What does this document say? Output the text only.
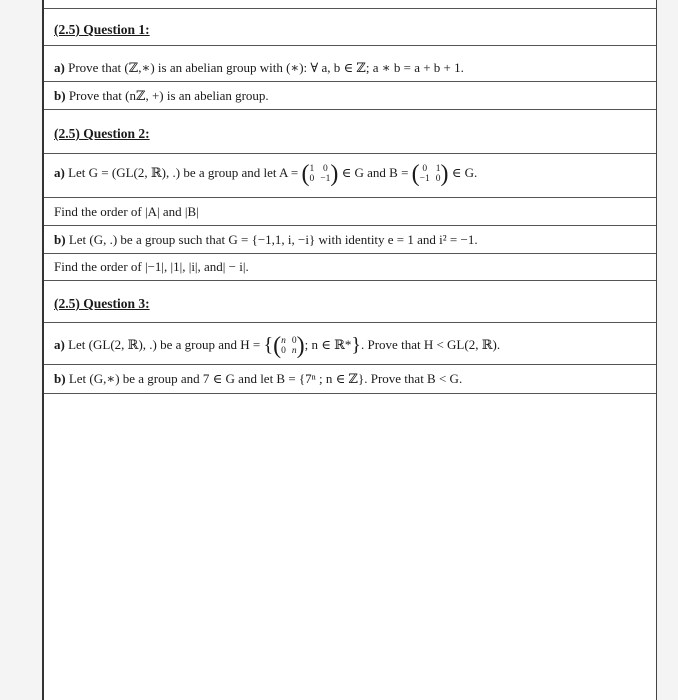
(2.5) Question 1:
a) Prove that (ℤ,∗) is an abelian group with (∗): ∀ a, b ∈ ℤ; a ∗ b = a + b + 1.
b) Prove that (nℤ, +) is an abelian group.
(2.5) Question 2:
a) Let G = (GL(2, ℝ), .) be a group and let A = ( 1 0
0 −1 ) ∈ G and B = ( 0 1
−1 0 ) ∈ G.
Find the order of |A| and |B|
b) Let (G, .) be a group such that G = {−1,1, i, −i} with identity e = 1 and i² = −1.
Find the order of |−1|, |1|, |i|, and| − i|.
(2.5) Question 3:
a) Let (GL(2, ℝ), .) be a group and H = {( n 0
0 n ); n ∈ ℝ*}. Prove that H < GL(2, ℝ).
b) Let (G,∗) be a group and 7 ∈ G and let B = {7ⁿ ; n ∈ ℤ}. Prove that B < G.
